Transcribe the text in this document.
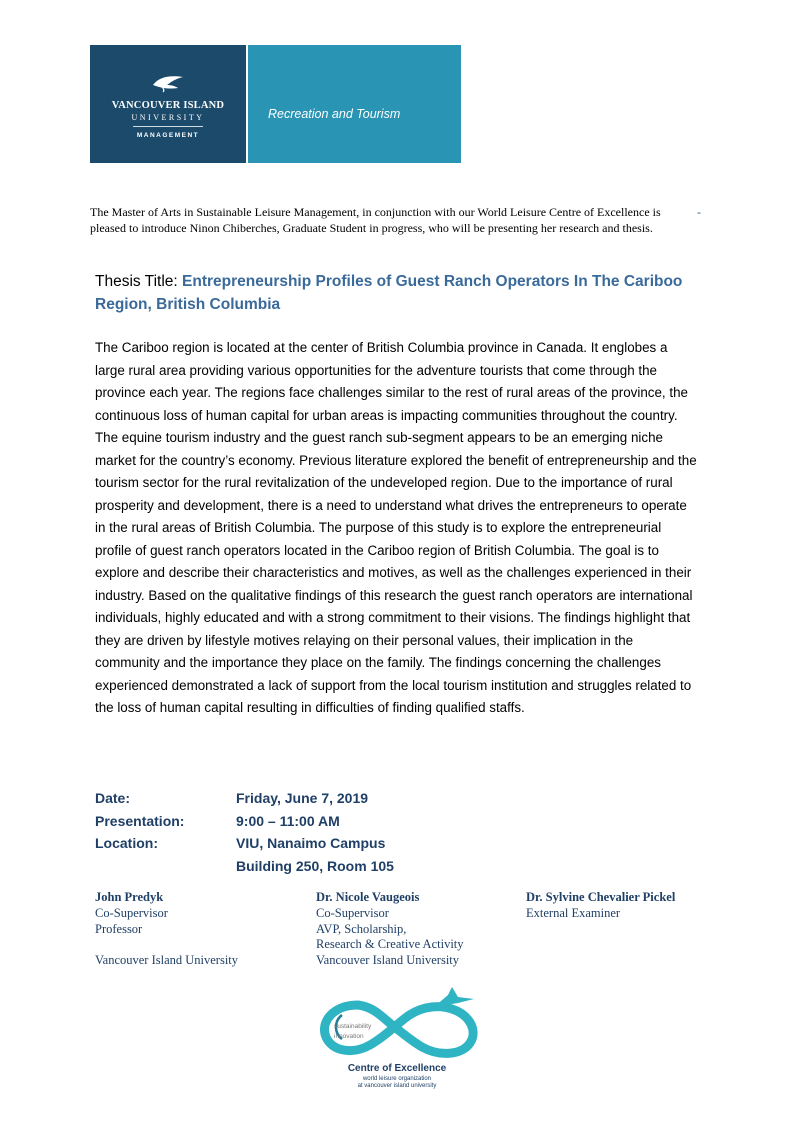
VANCOUVER ISLAND
UNIVERSITY
MANAGEMENT
Recreation and Tourism
The Master of Arts in Sustainable Leisure Management, in conjunction with our World Leisure Centre of Excellence is pleased to introduce Ninon Chiberches, Graduate Student in progress, who will be presenting her research and thesis.
-
Thesis Title: Entrepreneurship Profiles of Guest Ranch Operators In The Cariboo Region, British Columbia
The Cariboo region is located at the center of British Columbia province in Canada. It englobes a large rural area providing various opportunities for the adventure tourists that come through the province each year. The regions face challenges similar to the rest of rural areas of the province, the continuous loss of human capital for urban areas is impacting communities throughout the country. The equine tourism industry and the guest ranch sub-segment appears to be an emerging niche market for the country’s economy. Previous literature explored the benefit of entrepreneurship and the tourism sector for the rural revitalization of the undeveloped region. Due to the importance of rural prosperity and development, there is a need to understand what drives the entrepreneurs to operate in the rural areas of British Columbia. The purpose of this study is to explore the entrepreneurial profile of guest ranch operators located in the Cariboo region of British Columbia. The goal is to explore and describe their characteristics and motives, as well as the challenges experienced in their industry. Based on the qualitative findings of this research the guest ranch operators are international individuals, highly educated and with a strong commitment to their visions. The findings highlight that they are driven by lifestyle motives relaying on their personal values, their implication in the community and the importance they place on the family. The findings concerning the challenges experienced demonstrated a lack of support from the local tourism institution and struggles related to the loss of human capital resulting in difficulties of finding qualified staffs.
Date:	Friday, June 7, 2019
Presentation:	9:00 – 11:00 AM
Location:	VIU, Nanaimo Campus
Building 250, Room 105
John Predyk
Co-Supervisor
Professor
Vancouver Island University
Dr. Nicole Vaugeois
Co-Supervisor
AVP, Scholarship,
Research & Creative Activity
Vancouver Island University
Dr. Sylvine Chevalier Pickel
External Examiner
sustainability
innovation
Centre of Excellence
world leisure organization
at vancouver island university
